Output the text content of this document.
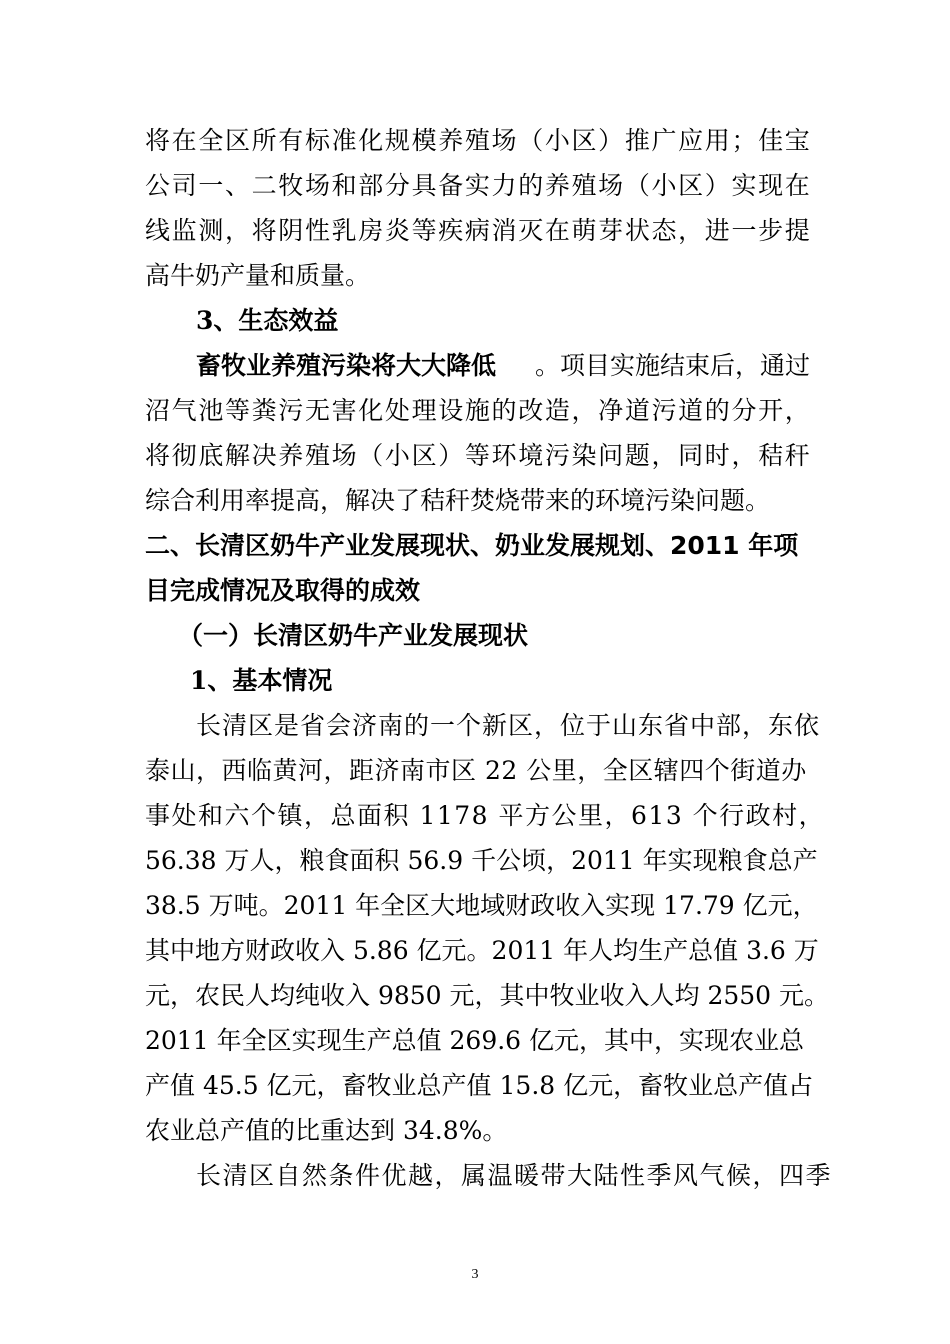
将 在 全 区 所 有 标 准 化 规 模 养 殖 场 （ 小 区 ） 推 广 应 用 ； 佳 宝
公 司 一 、 二 牧 场 和 部 分 具 备 实 力 的 养 殖 场 （ 小 区 ） 实 现 在
线 监 测 ， 将 阴 性 乳 房 炎 等 疾 病 消 灭 在 萌 芽 状 态 ， 进 一 步 提
高牛奶产量和质量。
3、生态效益
畜牧业养殖污染将大大降低 。项目实施结束后，通过
沼 气 池 等 粪 污 无 害 化 处 理 设 施 的 改 造 ， 净 道 污 道 的 分 开 ，
将 彻 底 解 决 养 殖 场 （ 小 区 ） 等 环 境 污 染 问 题 ， 同 时 ， 秸 秆
综合利用率提高，解决了秸秆焚烧带来的环境污染问题。
二、长清区奶牛产业发展现状、奶业发展规划、2011 年项
目完成情况及取得的成效
（一）长清区奶牛产业发展现状
1、基本情况
长清区是省会济南的一个新区，位于山东省中部，东依
泰山，西临黄河，距济南市区 22 公里，全区辖四个街道办
事处和六个镇，总面积 1178 平方公里，613 个行政村，
56.38 万人，粮食面积 56.9 千公顷，2011 年实现粮食总产
38.5 万吨。2011 年全区大地域财政收入实现 17.79 亿元，
其中地方财政收入 5.86 亿元。2011 年人均生产总值 3.6 万
元，农民人均纯收入 9850 元，其中牧业收入人均 2550 元。
2011 年全区实现生产总值 269.6 亿元，其中，实现农业总
产值 45.5 亿元，畜牧业总产值 15.8 亿元，畜牧业总产值占
农业总产值的比重达到 34.8%。
长清区自然条件优越，属温暖带大陆性季风气候，四季
3
